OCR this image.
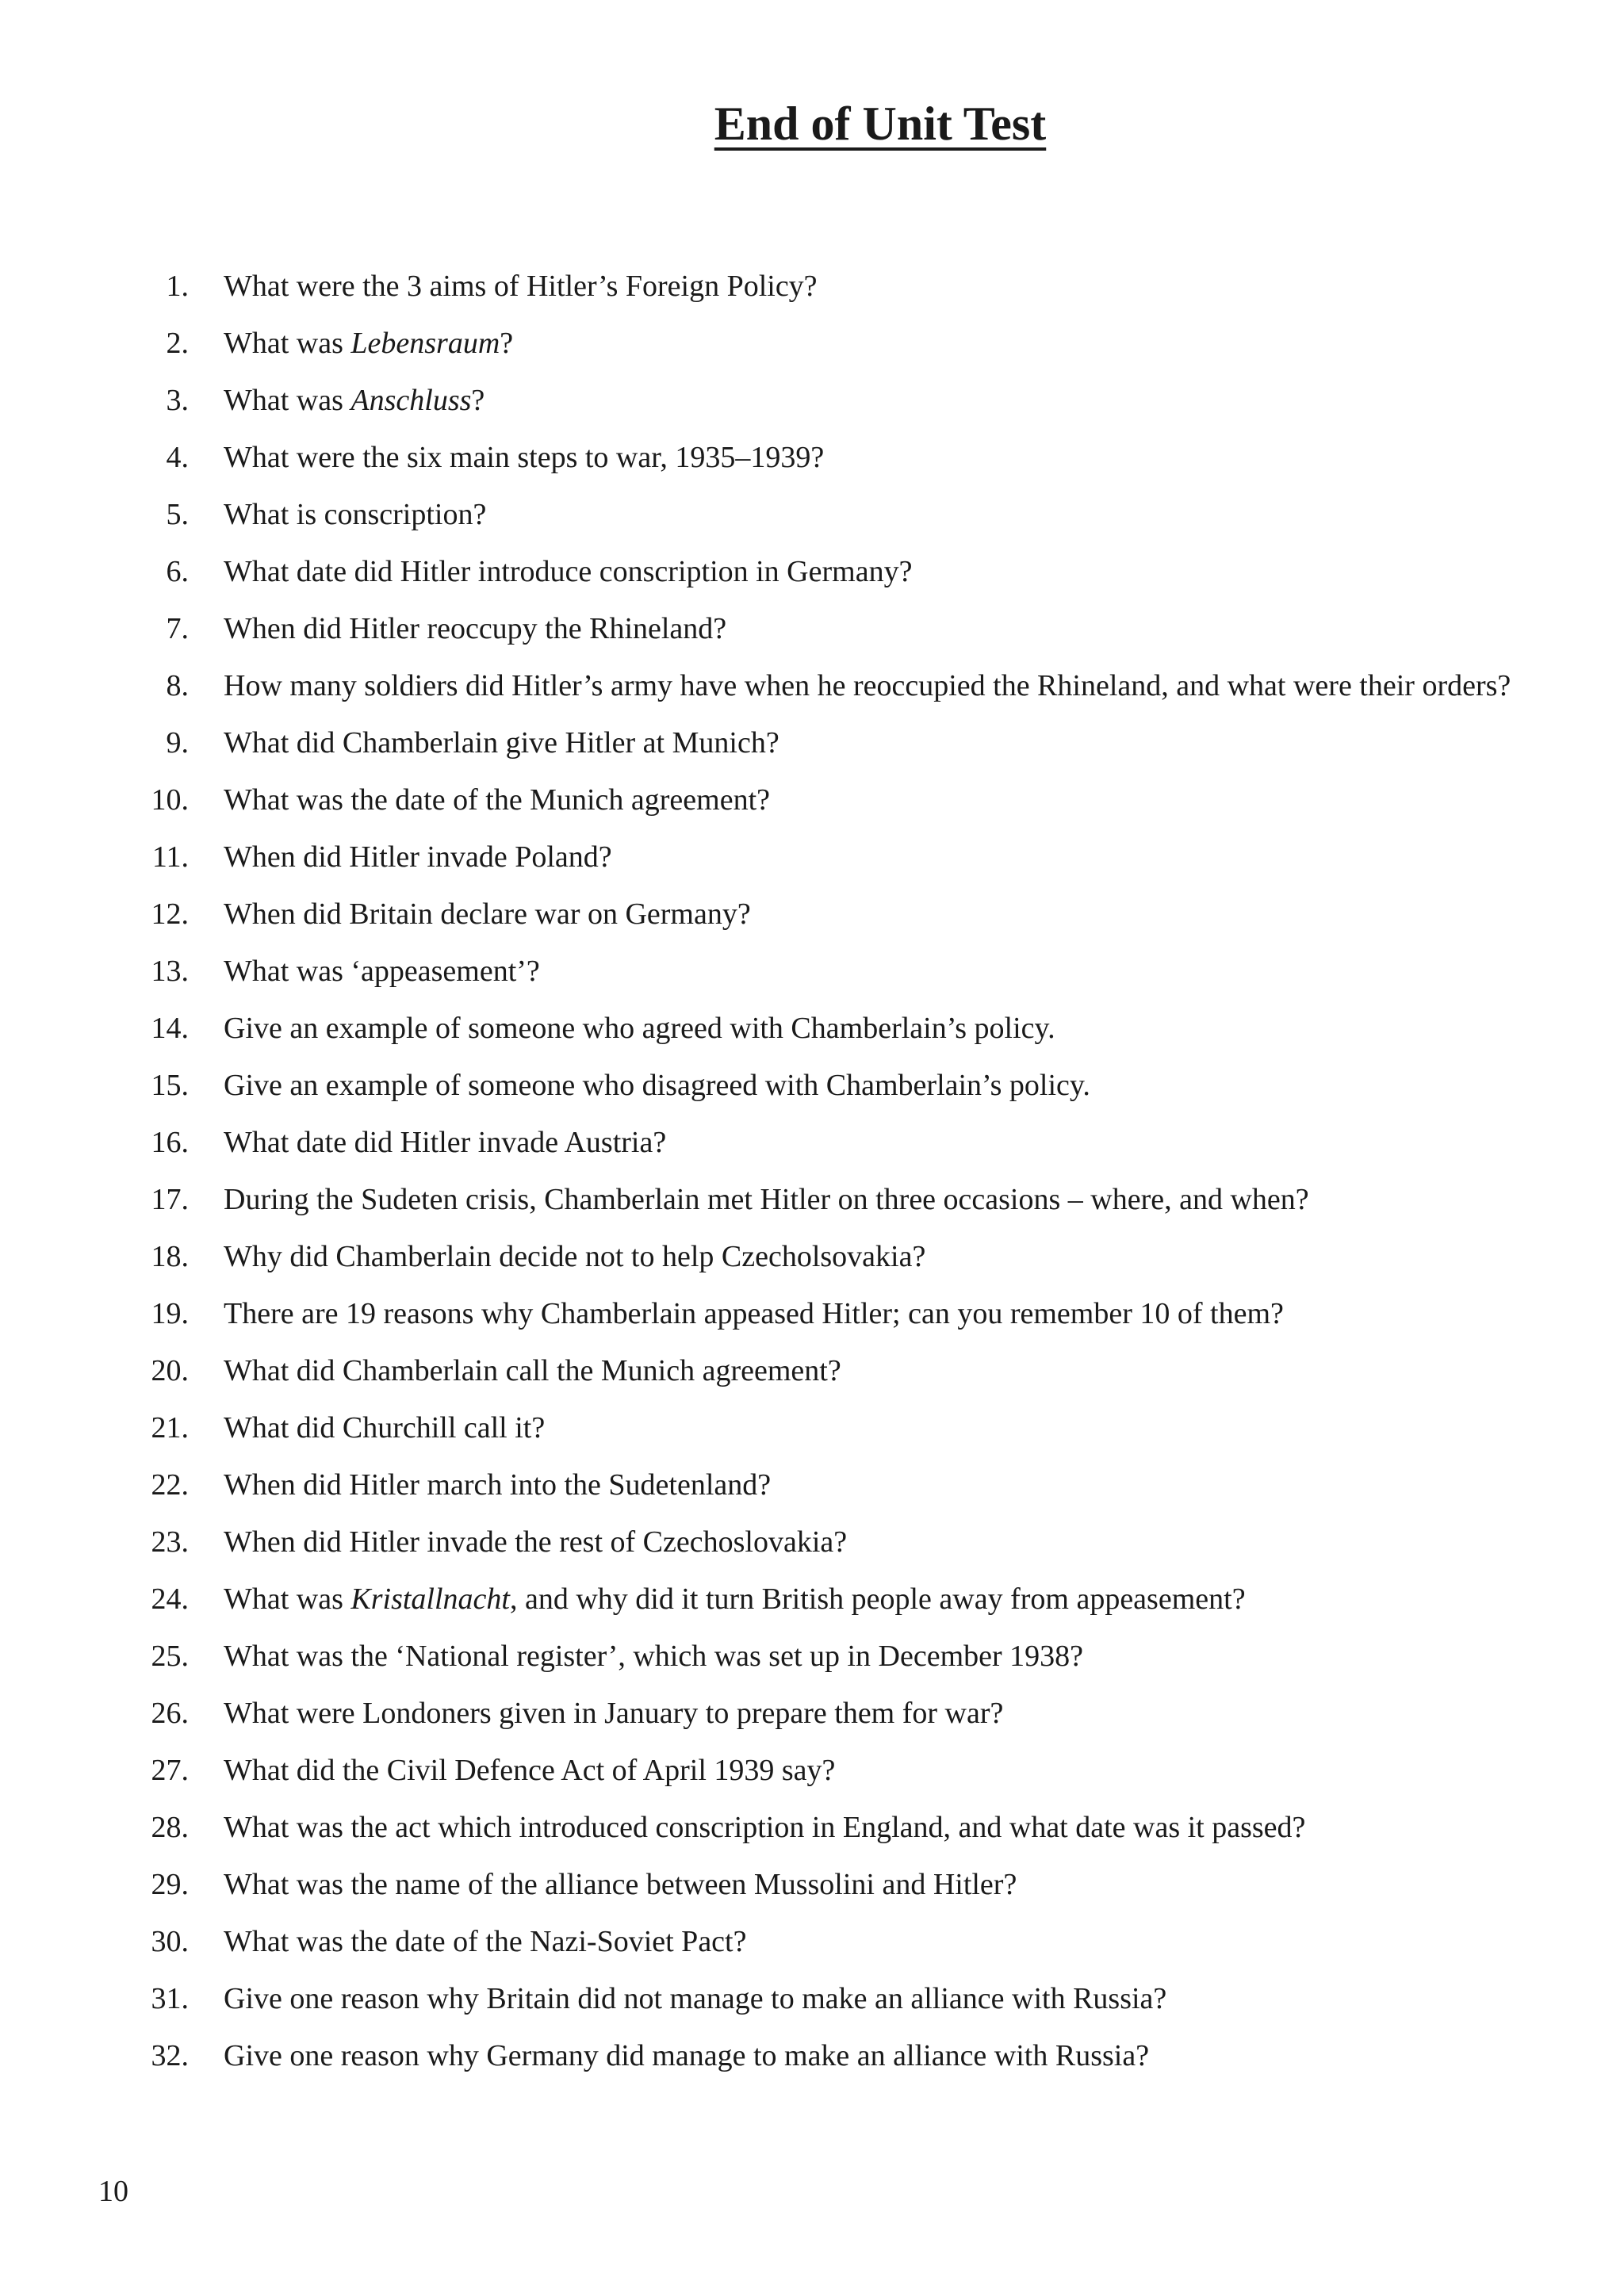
End of Unit Test
1. What were the 3 aims of Hitler’s Foreign Policy?
2. What was Lebensraum?
3. What was Anschluss?
4. What were the six main steps to war, 1935–1939?
5. What is conscription?
6. What date did Hitler introduce conscription in Germany?
7. When did Hitler reoccupy the Rhineland?
8. How many soldiers did Hitler’s army have when he reoccupied the Rhineland, and what were their orders?
9. What did Chamberlain give Hitler at Munich?
10. What was the date of the Munich agreement?
11. When did Hitler invade Poland?
12. When did Britain declare war on Germany?
13. What was ‘appeasement’?
14. Give an example of someone who agreed with Chamberlain’s policy.
15. Give an example of someone who disagreed with Chamberlain’s policy.
16. What date did Hitler invade Austria?
17. During the Sudeten crisis, Chamberlain met Hitler on three occasions – where, and when?
18. Why did Chamberlain decide not to help Czecholsovakia?
19. There are 19 reasons why Chamberlain appeased Hitler; can you remember 10 of them?
20. What did Chamberlain call the Munich agreement?
21. What did Churchill call it?
22. When did Hitler march into the Sudetenland?
23. When did Hitler invade the rest of Czechoslovakia?
24. What was Kristallnacht, and why did it turn British people away from appeasement?
25. What was the ‘National register’, which was set up in December 1938?
26. What were Londoners given in January to prepare them for war?
27. What did the Civil Defence Act of April 1939 say?
28. What was the act which introduced conscription in England, and what date was it passed?
29. What was the name of the alliance between Mussolini and Hitler?
30. What was the date of the Nazi-Soviet Pact?
31. Give one reason why Britain did not manage to make an alliance with Russia?
32. Give one reason why Germany did manage to make an alliance with Russia?
10
